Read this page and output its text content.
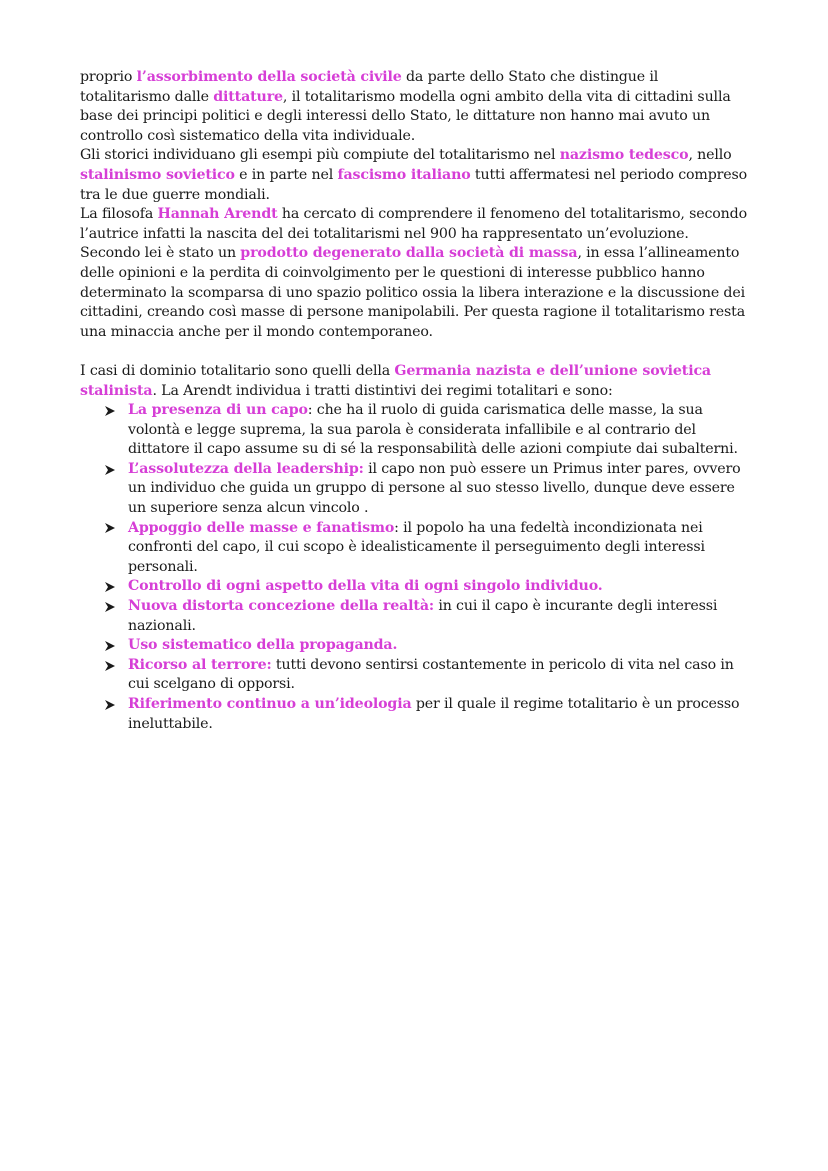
proprio l’assorbimento della società civile da parte dello Stato che distingue il totalitarismo dalle dittature, il totalitarismo modella ogni ambito della vita di cittadini sulla base dei principi politici e degli interessi dello Stato, le dittature non hanno mai avuto un controllo così sistematico della vita individuale.

Gli storici individuano gli esempi più compiute del totalitarismo nel nazismo tedesco, nello stalinismo sovietico e in parte nel fascismo italiano tutti affermatesi nel periodo compreso tra le due guerre mondiali.

La filosofa Hannah Arendt ha cercato di comprendere il fenomeno del totalitarismo, secondo l’autrice infatti la nascita del dei totalitarismi nel 900 ha rappresentato un’evoluzione.

Secondo lei è stato un prodotto degenerato dalla società di massa, in essa l’allineamento delle opinioni e la perdita di coinvolgimento per le questioni di interesse pubblico hanno determinato la scomparsa di uno spazio politico ossia la libera interazione e la discussione dei cittadini, creando così masse di persone manipolabili. Per questa ragione il totalitarismo resta una minaccia anche per il mondo contemporaneo.

I casi di dominio totalitario sono quelli della Germania nazista e dell’unione sovietica stalinista. La Arendt individua i tratti distintivi dei regimi totalitari e sono:

La presenza di un capo: che ha il ruolo di guida carismatica delle masse, la sua volontà e legge suprema, la sua parola è considerata infallibile e al contrario del dittatore il capo assume su di sé la responsabilità delle azioni compiute dai subalterni.
L’assolutezza della leadership: il capo non può essere un Primus inter pares, ovvero un individuo che guida un gruppo di persone al suo stesso livello, dunque deve essere un superiore senza alcun vincolo .
Appoggio delle masse e fanatismo: il popolo ha una fedeltà incondizionata nei confronti del capo, il cui scopo è idealisticamente il perseguimento degli interessi personali.
Controllo di ogni aspetto della vita di ogni singolo individuo.
Nuova distorta concezione della realtà: in cui il capo è incurante degli interessi nazionali.
Uso sistematico della propaganda.
Ricorso al terrore: tutti devono sentirsi costantemente in pericolo di vita nel caso in cui scelgano di opporsi.
Riferimento continuo a un’ideologia per il quale il regime totalitario è un processo ineluttabile.
